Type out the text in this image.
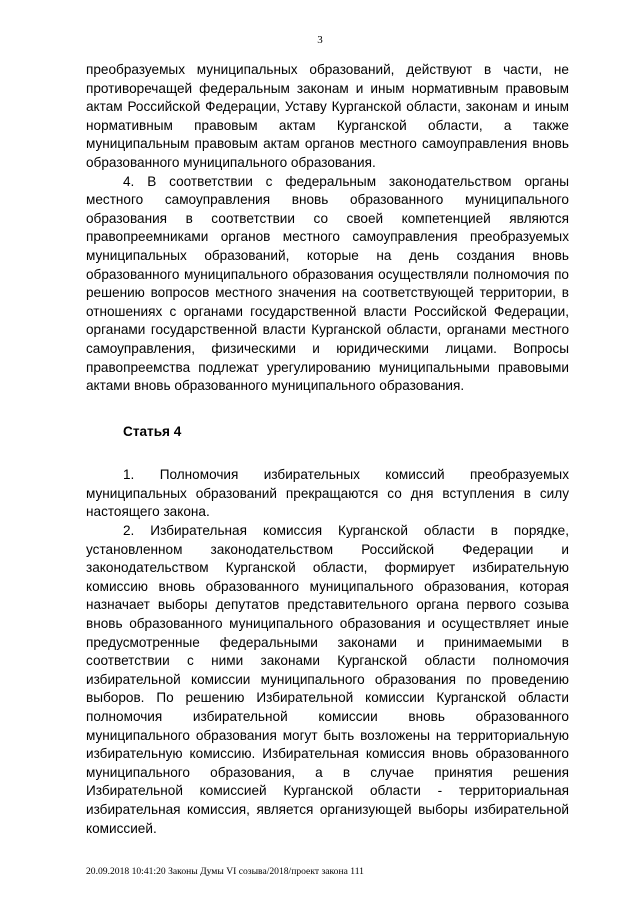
3

преобразуемых муниципальных образований, действуют в части, не противоречащей федеральным законам и иным нормативным правовым актам Российской Федерации, Уставу Курганской области, законам и иным нормативным правовым актам Курганской области, а также муниципальным правовым актам органов местного самоуправления вновь образованного муниципального образования.

4. В соответствии с федеральным законодательством органы местного самоуправления вновь образованного муниципального образования в соответствии со своей компетенцией являются правопреемниками органов местного самоуправления преобразуемых муниципальных образований, которые на день создания вновь образованного муниципального образования осуществляли полномочия по решению вопросов местного значения на соответствующей территории, в отношениях с органами государственной власти Российской Федерации, органами государственной власти Курганской области, органами местного самоуправления, физическими и юридическими лицами. Вопросы правопреемства подлежат урегулированию муниципальными правовыми актами вновь образованного муниципального образования.

Статья 4

1. Полномочия избирательных комиссий преобразуемых муниципальных образований прекращаются со дня вступления в силу настоящего закона.

2. Избирательная комиссия Курганской области в порядке, установленном законодательством Российской Федерации и законодательством Курганской области, формирует избирательную комиссию вновь образованного муниципального образования, которая назначает выборы депутатов представительного органа первого созыва вновь образованного муниципального образования и осуществляет иные предусмотренные федеральными законами и принимаемыми в соответствии с ними законами Курганской области полномочия избирательной комиссии муниципального образования по проведению выборов. По решению Избирательной комиссии Курганской области полномочия избирательной комиссии вновь образованного муниципального образования могут быть возложены на территориальную избирательную комиссию. Избирательная комиссия вновь образованного муниципального образования, а в случае принятия решения Избирательной комиссией Курганской области - территориальная избирательная комиссия, является организующей выборы избирательной комиссией.

20.09.2018 10:41:20 Законы Думы VI созыва/2018/проект закона 111
